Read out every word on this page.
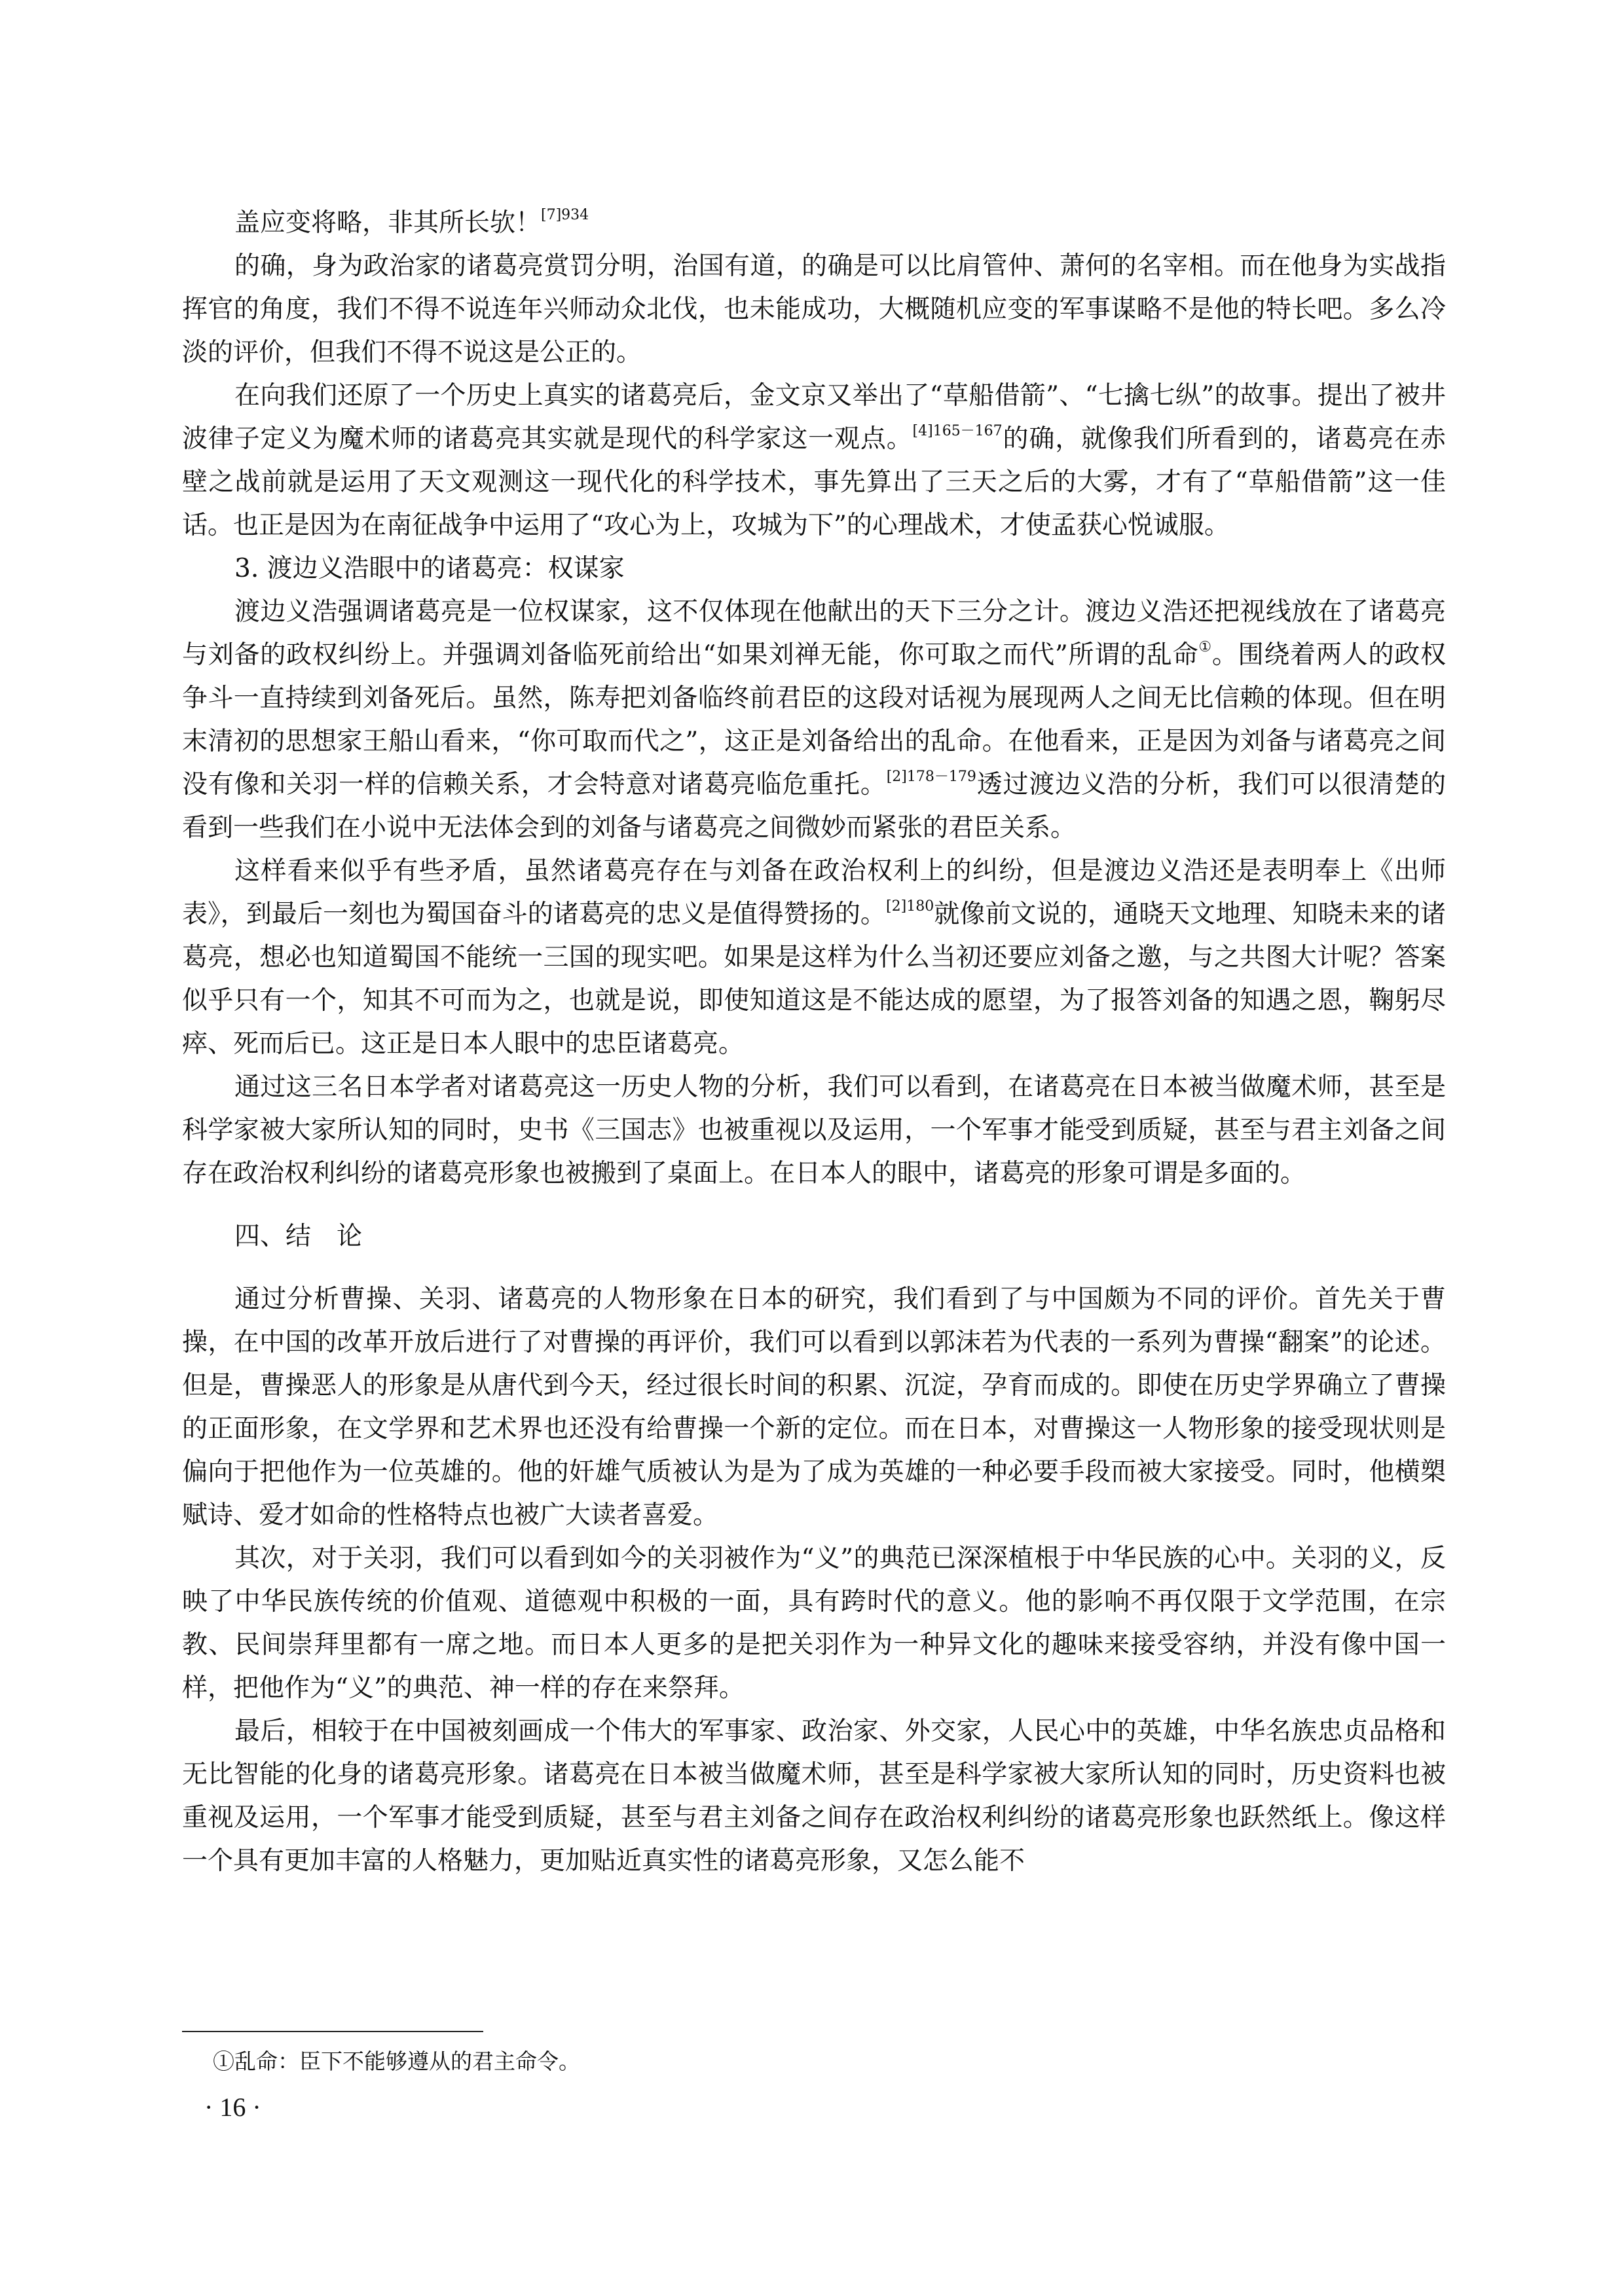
盖应变将略，非其所长欤！$^{[7]934}$

的确，身为政治家的诸葛亮赏罚分明，治国有道，的确是可以比肩管仲、萧何的名宰相。而在他身为实战指挥官的角度，我们不得不说连年兴师动众北伐，也未能成功，大概随机应变的军事谋略不是他的特长吧。多么冷淡的评价，但我们不得不说这是公正的。

在向我们还原了一个历史上真实的诸葛亮后，金文京又举出了“草船借箭”、“七擒七纵”的故事。提出了被井波律子定义为魔术师的诸葛亮其实就是现代的科学家这一观点。$^{[4]165-167}$的确，就像我们所看到的，诸葛亮在赤壁之战前就是运用了天文观测这一现代化的科学技术，事先算出了三天之后的大雾，才有了“草船借箭”这一佳话。也正是因为在南征战争中运用了“攻心为上，攻城为下”的心理战术，才使孟获心悦诚服。

3. 渡边义浩眼中的诸葛亮：权谋家

渡边义浩强调诸葛亮是一位权谋家，这不仅体现在他献出的天下三分之计。渡边义浩还把视线放在了诸葛亮与刘备的政权纠纷上。并强调刘备临死前给出“如果刘禅无能，你可取之而代”所谓的乱命①。围绕着两人的政权争斗一直持续到刘备死后。虽然，陈寿把刘备临终前君臣的这段对话视为展现两人之间无比信赖的体现。但在明末清初的思想家王船山看来，“你可取而代之”，这正是刘备给出的乱命。在他看来，正是因为刘备与诸葛亮之间没有像和关羽一样的信赖关系，才会特意对诸葛亮临危重托。$^{[2]178-179}$透过渡边义浩的分析，我们可以很清楚的看到一些我们在小说中无法体会到的刘备与诸葛亮之间微妙而紧张的君臣关系。

这样看来似乎有些矛盾，虽然诸葛亮存在与刘备在政治权利上的纠纷，但是渡边义浩还是表明奉上《出师表》，到最后一刻也为蜀国奋斗的诸葛亮的忠义是值得赞扬的。$^{[2]180}$就像前文说的，通晓天文地理、知晓未来的诸葛亮，想必也知道蜀国不能统一三国的现实吧。如果是这样为什么当初还要应刘备之邀，与之共图大计呢？答案似乎只有一个，知其不可而为之，也就是说，即使知道这是不能达成的愿望，为了报答刘备的知遇之恩，鞠躬尽瘁、死而后已。这正是日本人眼中的忠臣诸葛亮。

通过这三名日本学者对诸葛亮这一历史人物的分析，我们可以看到，在诸葛亮在日本被当做魔术师，甚至是科学家被大家所认知的同时，史书《三国志》也被重视以及运用，一个军事才能受到质疑，甚至与君主刘备之间存在政治权利纠纷的诸葛亮形象也被搬到了桌面上。在日本人的眼中，诸葛亮的形象可谓是多面的。

四、结　论

通过分析曹操、关羽、诸葛亮的人物形象在日本的研究，我们看到了与中国颇为不同的评价。首先关于曹操，在中国的改革开放后进行了对曹操的再评价，我们可以看到以郭沫若为代表的一系列为曹操“翻案”的论述。但是，曹操恶人的形象是从唐代到今天，经过很长时间的积累、沉淀，孕育而成的。即使在历史学界确立了曹操的正面形象，在文学界和艺术界也还没有给曹操一个新的定位。而在日本，对曹操这一人物形象的接受现状则是偏向于把他作为一位英雄的。他的奸雄气质被认为是为了成为英雄的一种必要手段而被大家接受。同时，他横槊赋诗、爱才如命的性格特点也被广大读者喜爱。

其次，对于关羽，我们可以看到如今的关羽被作为“义”的典范已深深植根于中华民族的心中。关羽的义，反映了中华民族传统的价值观、道德观中积极的一面，具有跨时代的意义。他的影响不再仅限于文学范围，在宗教、民间崇拜里都有一席之地。而日本人更多的是把关羽作为一种异文化的趣味来接受容纳，并没有像中国一样，把他作为“义”的典范、神一样的存在来祭拜。

最后，相较于在中国被刻画成一个伟大的军事家、政治家、外交家，人民心中的英雄，中华名族忠贞品格和无比智能的化身的诸葛亮形象。诸葛亮在日本被当做魔术师，甚至是科学家被大家所认知的同时，历史资料也被重视及运用，一个军事才能受到质疑，甚至与君主刘备之间存在政治权利纠纷的诸葛亮形象也跃然纸上。像这样一个具有更加丰富的人格魅力，更加贴近真实性的诸葛亮形象，又怎么能不

①乱命：臣下不能够遵从的君主命令。
· 16 ·
